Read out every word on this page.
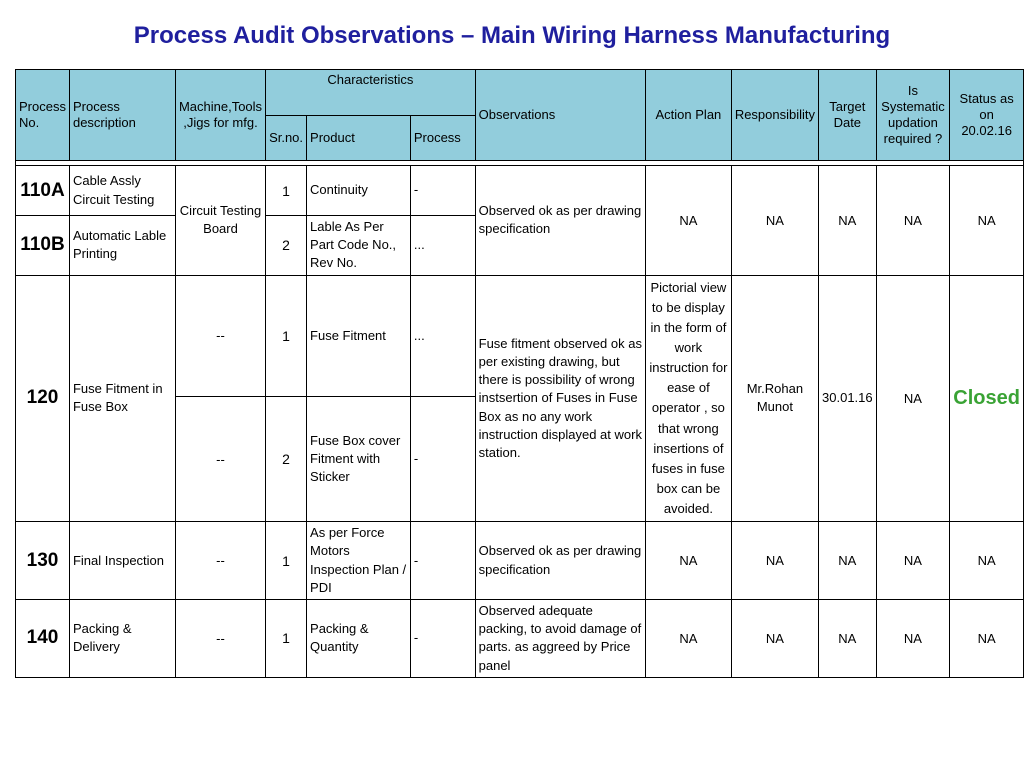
Process Audit Observations – Main Wiring Harness Manufacturing
Process No.	Process description	Machine,Tools ,Jigs for mfg.	Characteristics			Observations	Action Plan	Responsibility	Target Date	Is Systematic updation required ?	Status as on 20.02.16
			Sr.no.	Product	Process						

110A	Cable Assly Circuit Testing	Circuit Testing Board	1	Continuity	-	Observed ok as per drawing specification	NA	NA	NA	NA	NA
110B	Automatic Lable Printing		2	Lable As Per Part Code No., Rev No.	...						
120	Fuse Fitment in Fuse Box	--	1	Fuse Fitment	...	Fuse fitment observed ok as per existing drawing, but there is possibility of wrong instsertion of Fuses in Fuse Box as no any work instruction displayed at work station.	Pictorial view to be display in the form of work instruction for ease of operator , so that wrong insertions of fuses in fuse box can be avoided.	Mr.Rohan Munot	30.01.16	NA	Closed
		--	2	Fuse Box cover Fitment with Sticker	-						
130	Final Inspection	--	1	As per Force Motors Inspection Plan / PDI	-	Observed ok as per drawing specification	NA	NA	NA	NA	NA
140	Packing & Delivery	--	1	Packing & Quantity	-	Observed adequate packing, to avoid damage of parts. as aggreed by Price panel	NA	NA	NA	NA	NA
